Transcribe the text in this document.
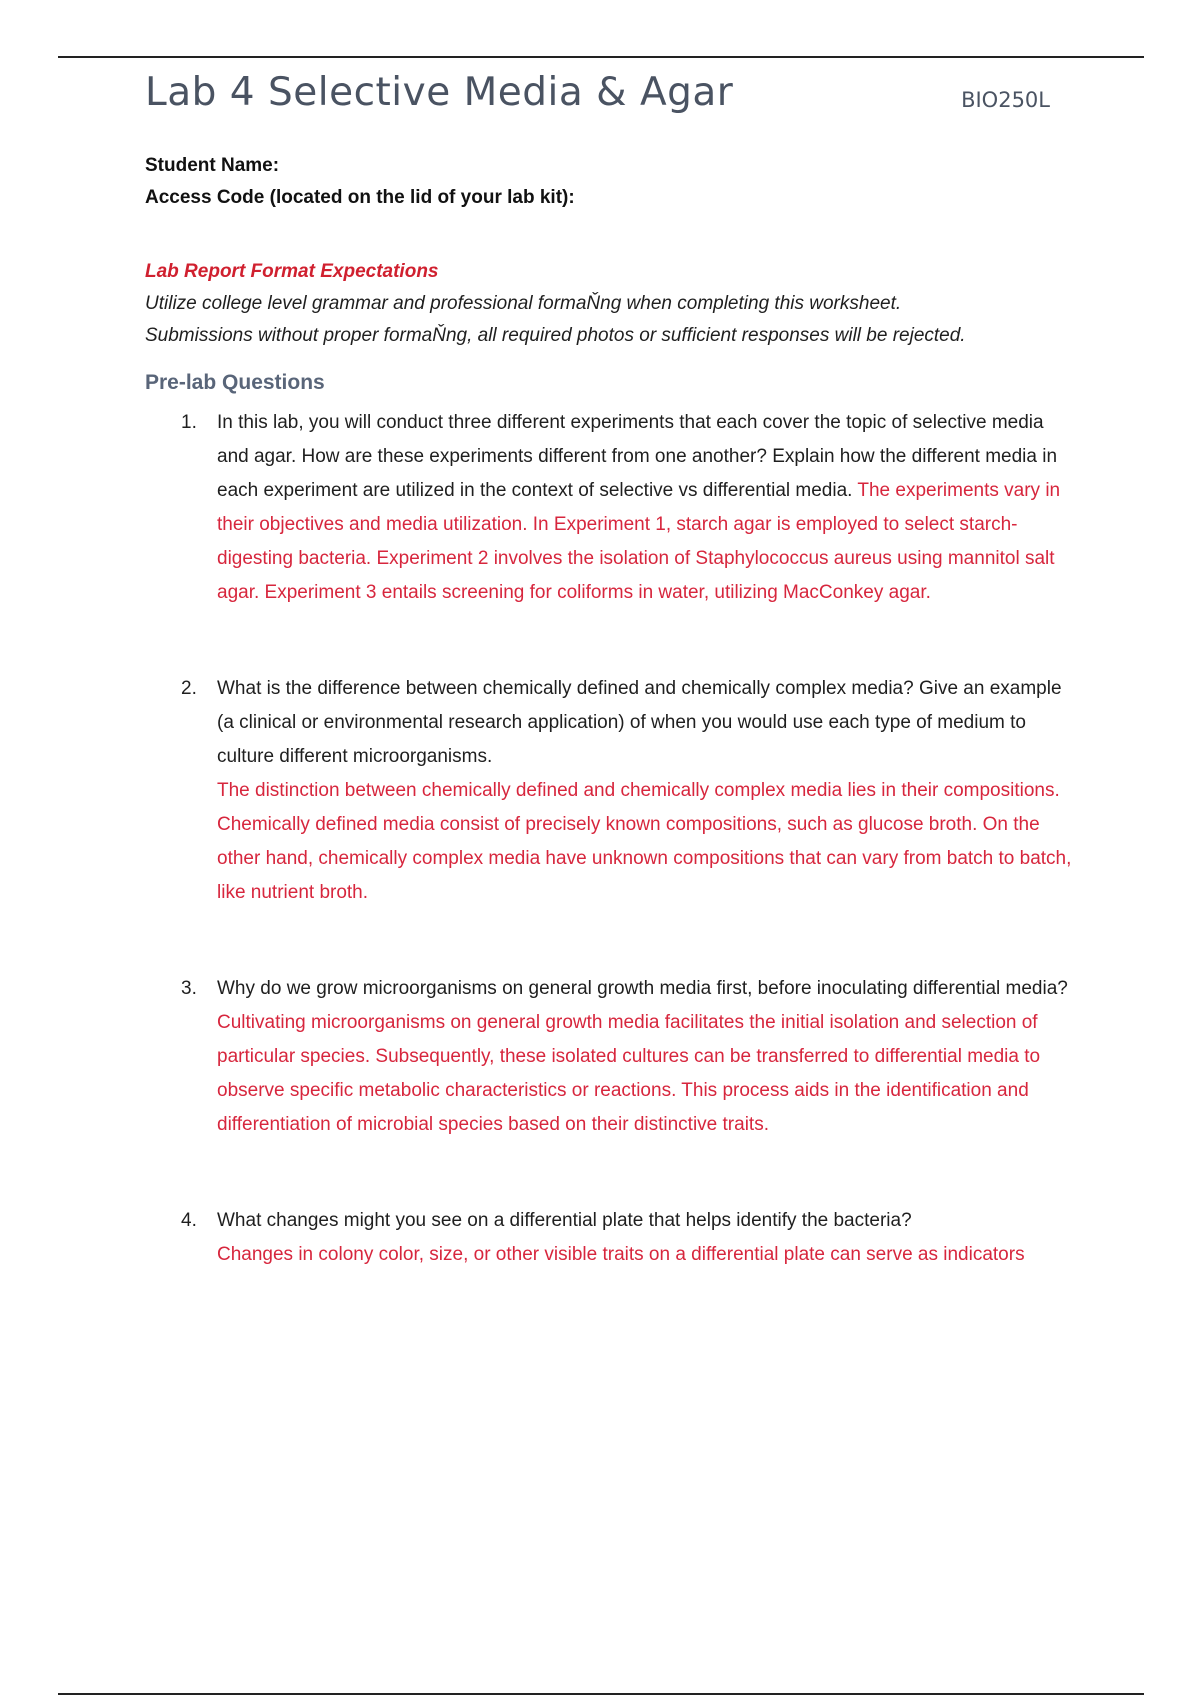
Lab 4 Selective Media & Agar	BIO250L
Student Name:
Access Code (located on the lid of your lab kit):
Lab Report Format Expectations
Utilize college level grammar and professional formaŇng when completing this worksheet.
Submissions without proper formaŇng, all required photos or sufficient responses will be rejected.
Pre-lab Questions
1. In this lab, you will conduct three different experiments that each cover the topic of selective media and agar. How are these experiments different from one another? Explain how the different media in each experiment are utilized in the context of selective vs differential media. The experiments vary in their objectives and media utilization. In Experiment 1, starch agar is employed to select starch-digesting bacteria. Experiment 2 involves the isolation of Staphylococcus aureus using mannitol salt agar. Experiment 3 entails screening for coliforms in water, utilizing MacConkey agar.
2. What is the difference between chemically defined and chemically complex media? Give an example (a clinical or environmental research application) of when you would use each type of medium to culture different microorganisms.
The distinction between chemically defined and chemically complex media lies in their compositions. Chemically defined media consist of precisely known compositions, such as glucose broth. On the other hand, chemically complex media have unknown compositions that can vary from batch to batch, like nutrient broth.
3. Why do we grow microorganisms on general growth media first, before inoculating differential media?
Cultivating microorganisms on general growth media facilitates the initial isolation and selection of particular species. Subsequently, these isolated cultures can be transferred to differential media to observe specific metabolic characteristics or reactions. This process aids in the identification and differentiation of microbial species based on their distinctive traits.
4. What changes might you see on a differential plate that helps identify the bacteria?
Changes in colony color, size, or other visible traits on a differential plate can serve as indicators
